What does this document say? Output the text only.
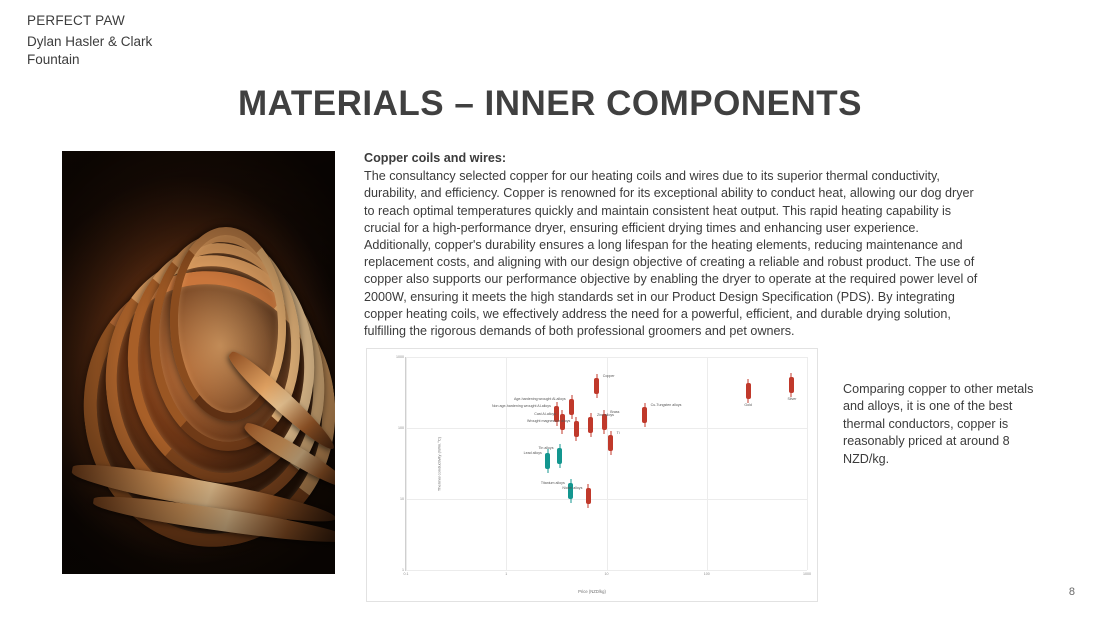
PERFECT PAW
Dylan Hasler & Clark Fountain
MATERIALS – INNER COMPONENTS
Copper coils and wires:
The consultancy selected copper for our heating coils and wires due to its superior thermal conductivity, durability, and efficiency. Copper is renowned for its exceptional ability to conduct heat, allowing our dog dryer to reach optimal temperatures quickly and maintain consistent heat output. This rapid heating capability is crucial for a high-performance dryer, ensuring efficient drying times and enhancing user experience. Additionally, copper's durability ensures a long lifespan for the heating elements, reducing maintenance and replacement costs, and aligning with our design objective of creating a reliable and robust product. The use of copper also supports our performance objective by enabling the dryer to operate at the required power level of 2000W, ensuring it meets the high standards set in our Product Design Specification (PDS). By integrating copper heating coils, we effectively address the need for a powerful, efficient, and durable drying solution, fulfilling the rigorous demands of both professional groomers and pet owners.
Thermal conductivity (W/m.°C)
0.1	1	10	100	1000
1
10
100
1000
Copper
Age-hardening wrought Al-alloys
Non age-hardening wrought Al-alloys
Cast Al-alloys
Wrought magnesium alloys
Brass
Zinc alloys
Cu-Tungsten alloys	Gold
Silver
Lead alloys
Tin alloys
Titanium alloys
Nickel alloys
Ti
Price (NZD/kg)
Comparing copper to other metals and alloys, it is one of the best thermal conductors, copper is reasonably priced at around 8 NZD/kg.
8
